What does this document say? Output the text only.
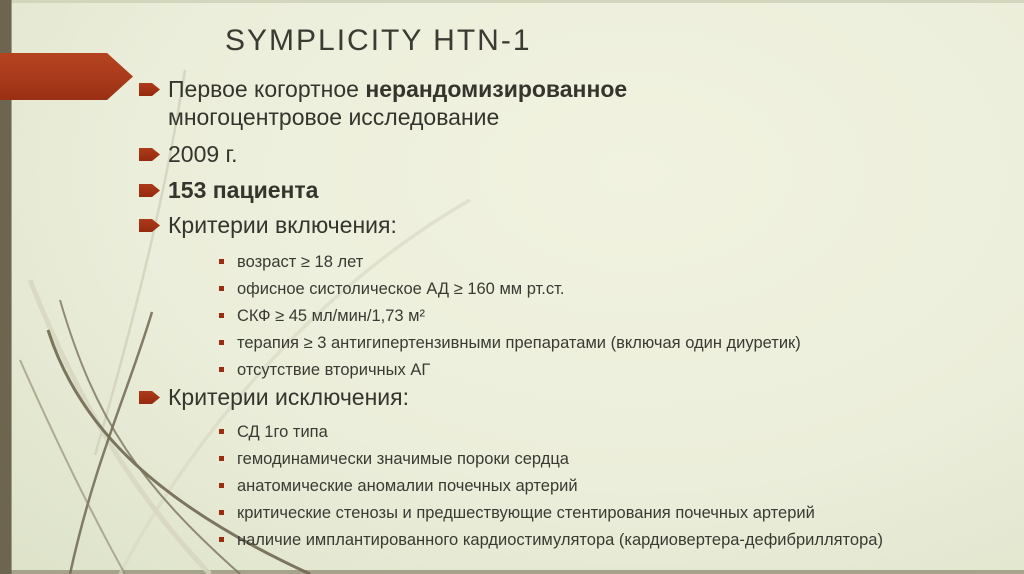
SYMPLICITY HTN-1
Первое когортное нерандомизированное
многоцентровое исследование
2009 г.
153 пациента
Критерии включения:
возраст ≥ 18 лет
офисное систолическое АД ≥ 160 мм рт.ст.
СКФ ≥ 45 мл/мин/1,73 м²
терапия ≥ 3 антигипертензивными препаратами (включая один диуретик)
отсутствие вторичных АГ
Критерии исключения:
СД 1го типа
гемодинамически значимые пороки сердца
анатомические аномалии почечных артерий
критические стенозы и предшествующие стентирования почечных артерий
наличие имплантированного кардиостимулятора (кардиовертера-дефибриллятора)
